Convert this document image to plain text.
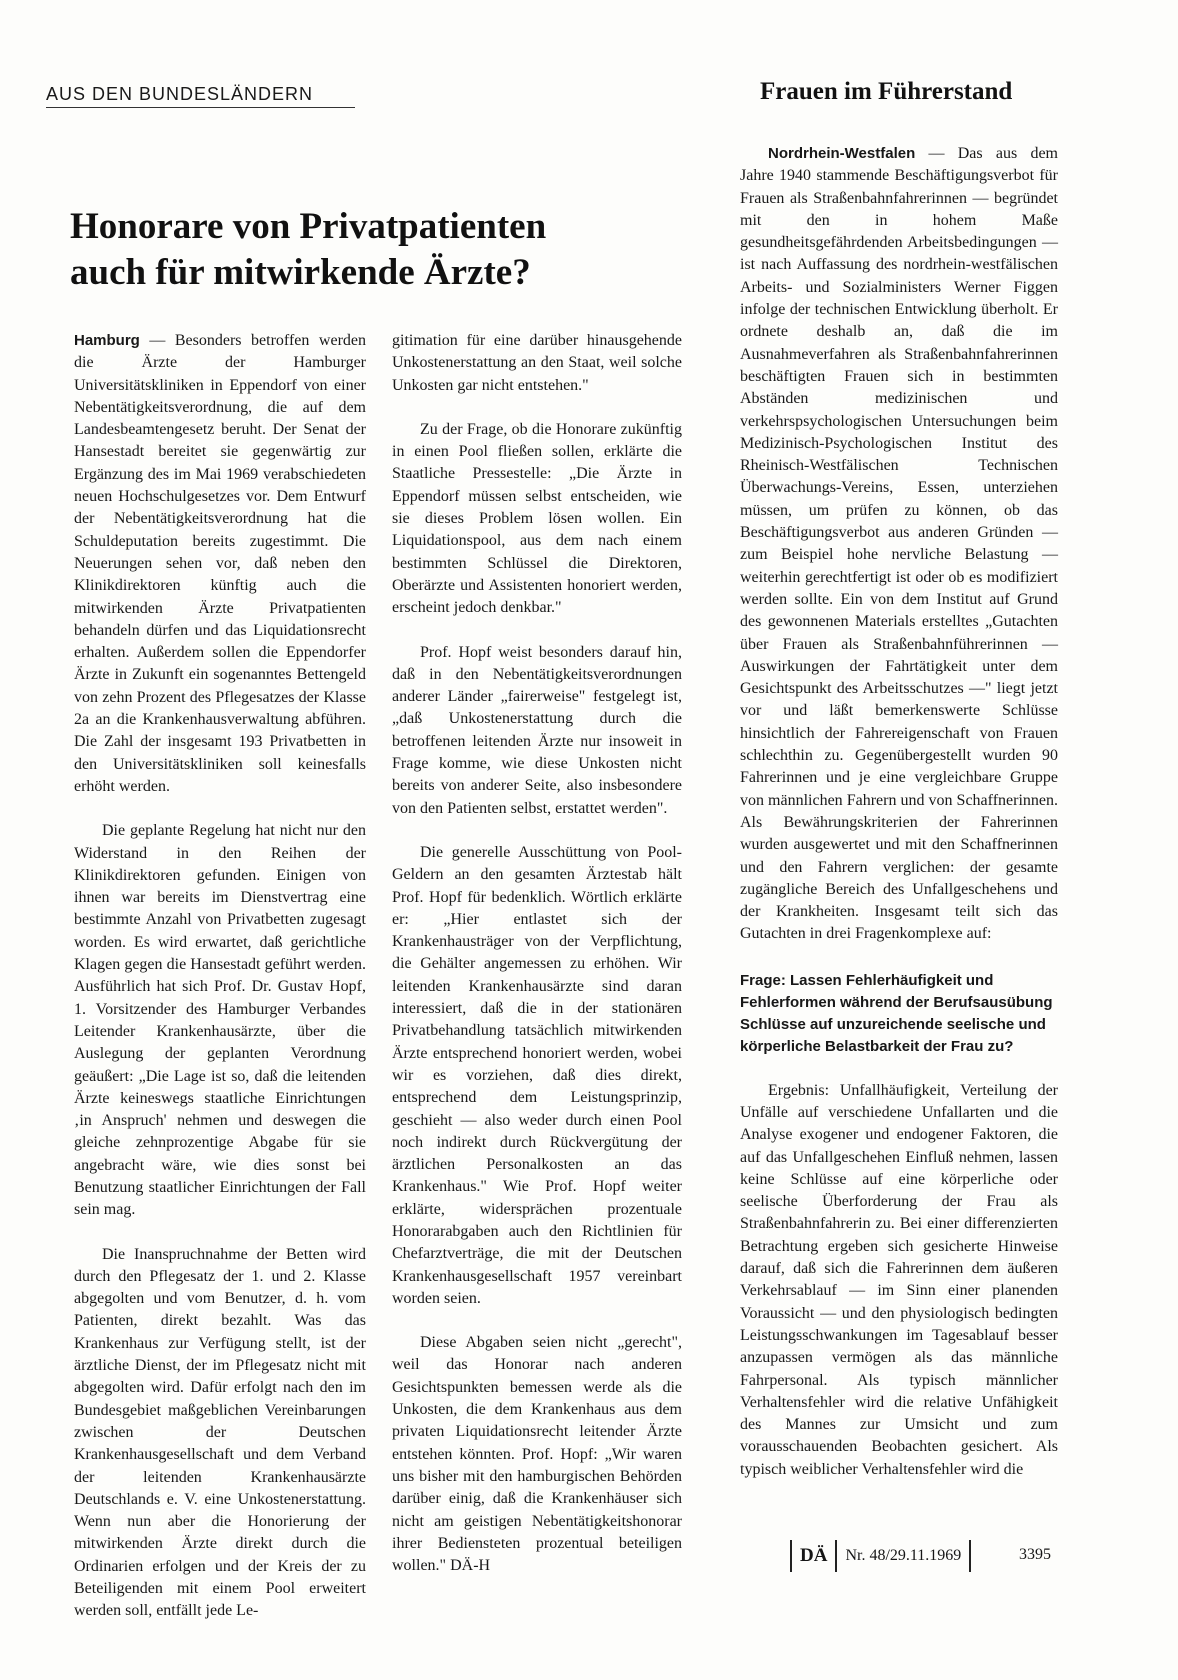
AUS DEN BUNDESLÄNDERN	Frauen im Führerstand
Honorare von Privatpatienten
auch für mitwirkende Ärzte?

Hamburg — Besonders betroffen werden die Ärzte der Hamburger Universitätskliniken in Eppendorf von einer Nebentätigkeitsverordnung, die auf dem Landesbeamtengesetz beruht. Der Senat der Hansestadt bereitet sie gegenwärtig zur Ergänzung des im Mai 1969 verabschiedeten neuen Hochschulgesetzes vor. Dem Entwurf der Nebentätigkeitsverordnung hat die Schuldeputation bereits zugestimmt. Die Neuerungen sehen vor, daß neben den Klinikdirektoren künftig auch die mitwirkenden Ärzte Privatpatienten behandeln dürfen und das Liquidationsrecht erhalten. Außerdem sollen die Eppendorfer Ärzte in Zukunft ein sogenanntes Bettengeld von zehn Prozent des Pflegesatzes der Klasse 2a an die Krankenhausverwaltung abführen. Die Zahl der insgesamt 193 Privatbetten in den Universitätskliniken soll keinesfalls erhöht werden.

Die geplante Regelung hat nicht nur den Widerstand in den Reihen der Klinikdirektoren gefunden. Einigen von ihnen war bereits im Dienstvertrag eine bestimmte Anzahl von Privatbetten zugesagt worden. Es wird erwartet, daß gerichtliche Klagen gegen die Hansestadt geführt werden. Ausführlich hat sich Prof. Dr. Gustav Hopf, 1. Vorsitzender des Hamburger Verbandes Leitender Krankenhausärzte, über die Auslegung der geplanten Verordnung geäußert: „Die Lage ist so, daß die leitenden Ärzte keineswegs staatliche Einrichtungen ‚in Anspruch' nehmen und deswegen die gleiche zehnprozentige Abgabe für sie angebracht wäre, wie dies sonst bei Benutzung staatlicher Einrichtungen der Fall sein mag.

Die Inanspruchnahme der Betten wird durch den Pflegesatz der 1. und 2. Klasse abgegolten und vom Benutzer, d. h. vom Patienten, direkt bezahlt. Was das Krankenhaus zur Verfügung stellt, ist der ärztliche Dienst, der im Pflegesatz nicht mit abgegolten wird. Dafür erfolgt nach den im Bundesgebiet maßgeblichen Vereinbarungen zwischen der Deutschen Krankenhausgesellschaft und dem Verband der leitenden Krankenhausärzte Deutschlands e. V. eine Unkostenerstattung. Wenn nun aber die Honorierung der mitwirkenden Ärzte direkt durch die Ordinarien erfolgen und der Kreis der zu Beteiligenden mit einem Pool erweitert werden soll, entfällt jede Le-

gitimation für eine darüber hinausgehende Unkostenerstattung an den Staat, weil solche Unkosten gar nicht entstehen."

Zu der Frage, ob die Honorare zukünftig in einen Pool fließen sollen, erklärte die Staatliche Pressestelle: „Die Ärzte in Eppendorf müssen selbst entscheiden, wie sie dieses Problem lösen wollen. Ein Liquidationspool, aus dem nach einem bestimmten Schlüssel die Direktoren, Oberärzte und Assistenten honoriert werden, erscheint jedoch denkbar."

Prof. Hopf weist besonders darauf hin, daß in den Nebentätigkeitsverordnungen anderer Länder „fairerweise" festgelegt ist, „daß Unkostenerstattung durch die betroffenen leitenden Ärzte nur insoweit in Frage komme, wie diese Unkosten nicht bereits von anderer Seite, also insbesondere von den Patienten selbst, erstattet werden".

Die generelle Ausschüttung von Pool-Geldern an den gesamten Ärztestab hält Prof. Hopf für bedenklich. Wörtlich erklärte er: „Hier entlastet sich der Krankenhausträger von der Verpflichtung, die Gehälter angemessen zu erhöhen. Wir leitenden Krankenhausärzte sind daran interessiert, daß die in der stationären Privatbehandlung tatsächlich mitwirkenden Ärzte entsprechend honoriert werden, wobei wir es vorziehen, daß dies direkt, entsprechend dem Leistungsprinzip, geschieht — also weder durch einen Pool noch indirekt durch Rückvergütung der ärztlichen Personalkosten an das Krankenhaus." Wie Prof. Hopf weiter erklärte, widersprächen prozentuale Honorarabgaben auch den Richtlinien für Chefarztverträge, die mit der Deutschen Krankenhausgesellschaft 1957 vereinbart worden seien.

Diese Abgaben seien nicht „gerecht", weil das Honorar nach anderen Gesichtspunkten bemessen werde als die Unkosten, die dem Krankenhaus aus dem privaten Liquidationsrecht leitender Ärzte entstehen könnten. Prof. Hopf: „Wir waren uns bisher mit den hamburgischen Behörden darüber einig, daß die Krankenhäuser sich nicht am geistigen Nebentätigkeitshonorar ihrer Bediensteten prozentual beteiligen wollen." DÄ-H

Nordrhein-Westfalen — Das aus dem Jahre 1940 stammende Beschäftigungsverbot für Frauen als Straßenbahnfahrerinnen — begründet mit den in hohem Maße gesundheitsgefährdenden Arbeitsbedingungen — ist nach Auffassung des nordrhein-westfälischen Arbeits- und Sozialministers Werner Figgen infolge der technischen Entwicklung überholt. Er ordnete deshalb an, daß die im Ausnahmeverfahren als Straßenbahnfahrerinnen beschäftigten Frauen sich in bestimmten Abständen medizinischen und verkehrspsychologischen Untersuchungen beim Medizinisch-Psychologischen Institut des Rheinisch-Westfälischen Technischen Überwachungs-Vereins, Essen, unterziehen müssen, um prüfen zu können, ob das Beschäftigungsverbot aus anderen Gründen — zum Beispiel hohe nervliche Belastung — weiterhin gerechtfertigt ist oder ob es modifiziert werden sollte. Ein von dem Institut auf Grund des gewonnenen Materials erstelltes „Gutachten über Frauen als Straßenbahnführerinnen — Auswirkungen der Fahrtätigkeit unter dem Gesichtspunkt des Arbeitsschutzes —" liegt jetzt vor und läßt bemerkenswerte Schlüsse hinsichtlich der Fahrereigenschaft von Frauen schlechthin zu. Gegenübergestellt wurden 90 Fahrerinnen und je eine vergleichbare Gruppe von männlichen Fahrern und von Schaffnerinnen. Als Bewährungskriterien der Fahrerinnen wurden ausgewertet und mit den Schaffnerinnen und den Fahrern verglichen: der gesamte zugängliche Bereich des Unfallgeschehens und der Krankheiten. Insgesamt teilt sich das Gutachten in drei Fragenkomplexe auf:

Frage: Lassen Fehlerhäufigkeit und Fehlerformen während der Berufsausübung Schlüsse auf unzureichende seelische und körperliche Belastbarkeit der Frau zu?

Ergebnis: Unfallhäufigkeit, Verteilung der Unfälle auf verschiedene Unfallarten und die Analyse exogener und endogener Faktoren, die auf das Unfallgeschehen Einfluß nehmen, lassen keine Schlüsse auf eine körperliche oder seelische Überforderung der Frau als Straßenbahnfahrerin zu. Bei einer differenzierten Betrachtung ergeben sich gesicherte Hinweise darauf, daß sich die Fahrerinnen dem äußeren Verkehrsablauf — im Sinn einer planenden Voraussicht — und den physiologisch bedingten Leistungsschwankungen im Tagesablauf besser anzupassen vermögen als das männliche Fahrpersonal. Als typisch männlicher Verhaltensfehler wird die relative Unfähigkeit des Mannes zur Umsicht und zum vorausschauenden Beobachten gesichert. Als typisch weiblicher Verhaltensfehler wird die

DÄ	Nr. 48/29.11.1969	3395
